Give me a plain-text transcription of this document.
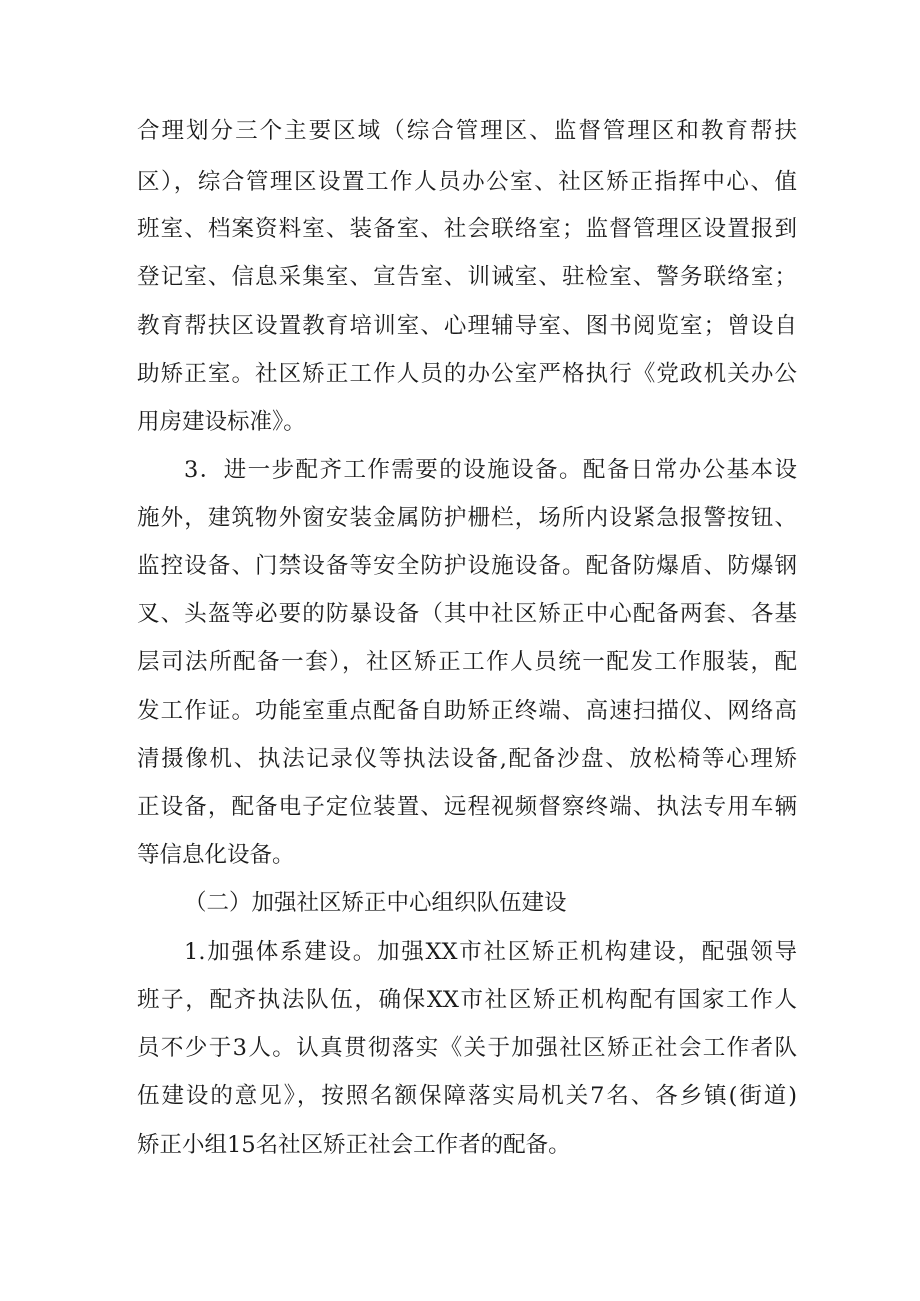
合理划分三个主要区域（综合管理区、监督管理区和教育帮扶
区），综合管理区设置工作人员办公室、社区矫正指挥中心、值
班室、档案资料室、装备室、社会联络室；监督管理区设置报到
登记室、信息采集室、宣告室、训诫室、驻检室、警务联络室；
教育帮扶区设置教育培训室、心理辅导室、图书阅览室；曾设自
助矫正室。社区矫正工作人员的办公室严格执行《党政机关办公
用房建设标准》。
3．进一步配齐工作需要的设施设备。配备日常办公基本设
施外，建筑物外窗安装金属防护栅栏，场所内设紧急报警按钮、
监控设备、门禁设备等安全防护设施设备。配备防爆盾、防爆钢
叉、头盔等必要的防暴设备（其中社区矫正中心配备两套、各基
层司法所配备一套），社区矫正工作人员统一配发工作服装，配
发工作证。功能室重点配备自助矫正终端、高速扫描仪、网络高
清摄像机、执法记录仪等执法设备,配备沙盘、放松椅等心理矫
正设备，配备电子定位装置、远程视频督察终端、执法专用车辆
等信息化设备。
（二）加强社区矫正中心组织队伍建设
1.加强体系建设。加强XX市社区矫正机构建设，配强领导
班子，配齐执法队伍，确保XX市社区矫正机构配有国家工作人
员不少于3人。认真贯彻落实《关于加强社区矫正社会工作者队
伍建设的意见》，按照名额保障落实局机关7名、各乡镇(街道)
矫正小组15名社区矫正社会工作者的配备。
